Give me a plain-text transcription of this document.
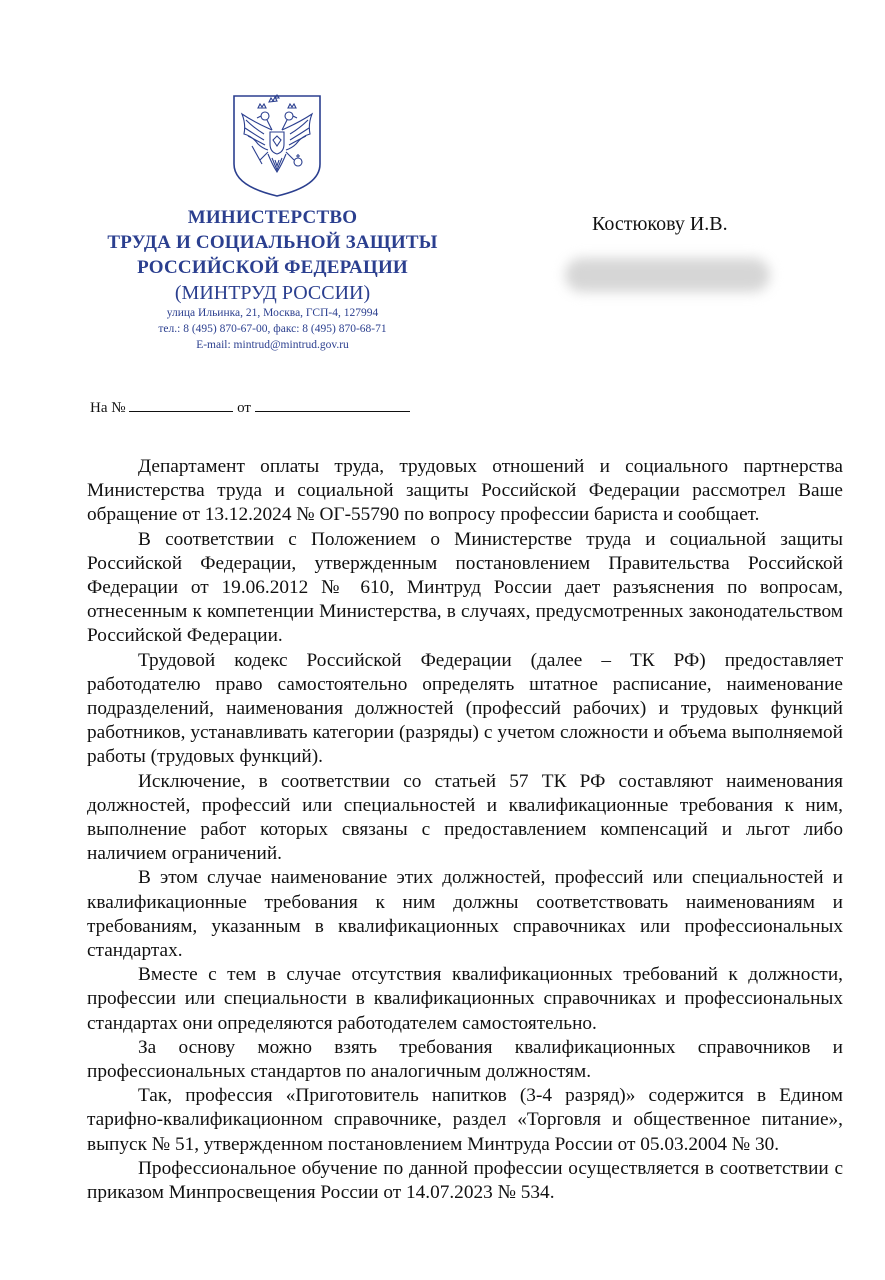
МИНИСТЕРСТВО
ТРУДА И СОЦИАЛЬНОЙ ЗАЩИТЫ
РОССИЙСКОЙ ФЕДЕРАЦИИ
(МИНТРУД РОССИИ)
улица Ильинка, 21, Москва, ГСП-4, 127994
тел.: 8 (495) 870-67-00, факс: 8 (495) 870-68-71
E-mail: mintrud@mintrud.gov.ru
Костюкову И.В.
На №	от

Департамент оплаты труда, трудовых отношений и социального партнерства Министерства труда и социальной защиты Российской Федерации рассмотрел Ваше обращение от 13.12.2024 № ОГ-55790 по вопросу профессии бариста и сообщает.

В соответствии с Положением о Министерстве труда и социальной защиты Российской Федерации, утвержденным постановлением Правительства Российской Федерации от 19.06.2012 № 610, Минтруд России дает разъяснения по вопросам, отнесенным к компетенции Министерства, в случаях, предусмотренных законодательством Российской Федерации.

Трудовой кодекс Российской Федерации (далее – ТК РФ) предоставляет работодателю право самостоятельно определять штатное расписание, наименование подразделений, наименования должностей (профессий рабочих) и трудовых функций работников, устанавливать категории (разряды) с учетом сложности и объема выполняемой работы (трудовых функций).

Исключение, в соответствии со статьей 57 ТК РФ составляют наименования должностей, профессий или специальностей и квалификационные требования к ним, выполнение работ которых связаны с предоставлением компенсаций и льгот либо наличием ограничений.

В этом случае наименование этих должностей, профессий или специальностей и квалификационные требования к ним должны соответствовать наименованиям и требованиям, указанным в квалификационных справочниках или профессиональных стандартах.

Вместе с тем в случае отсутствия квалификационных требований к должности, профессии или специальности в квалификационных справочниках и профессиональных стандартах они определяются работодателем самостоятельно.

За основу можно взять требования квалификационных справочников и профессиональных стандартов по аналогичным должностям.

Так, профессия «Приготовитель напитков (3-4 разряд)» содержится в Едином тарифно-квалификационном справочнике, раздел «Торговля и общественное питание», выпуск № 51, утвержденном постановлением Минтруда России от 05.03.2004 № 30.

Профессиональное обучение по данной профессии осуществляется в соответствии с приказом Минпросвещения России от 14.07.2023 № 534.
